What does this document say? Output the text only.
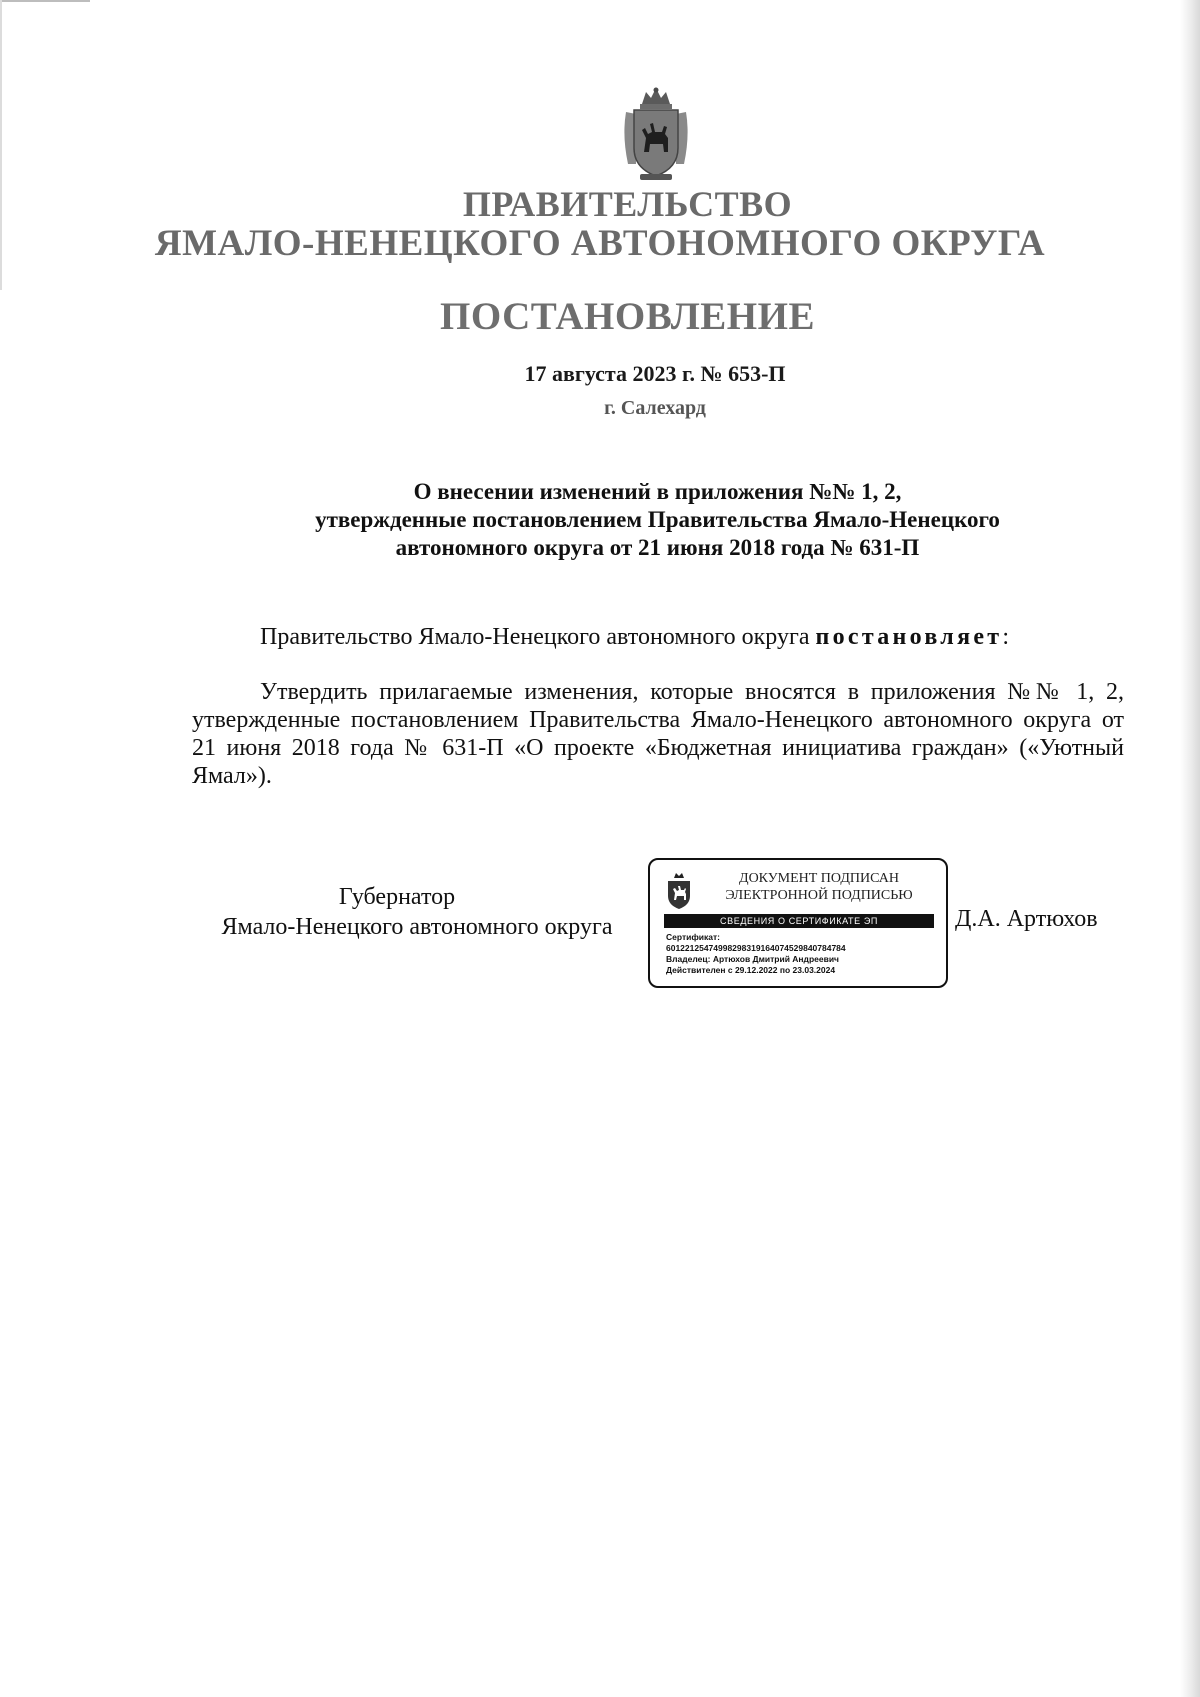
ПРАВИТЕЛЬСТВО
ЯМАЛО-НЕНЕЦКОГО АВТОНОМНОГО ОКРУГА
ПОСТАНОВЛЕНИЕ
17 августа 2023 г. № 653-П
г. Салехард
О внесении изменений в приложения №№ 1, 2,
утвержденные постановлением Правительства Ямало-Ненецкого
автономного округа от 21 июня 2018 года № 631-П
Правительство Ямало-Ненецкого автономного округа постановляет:
Утвердить прилагаемые изменения, которые вносятся в приложения №№ 1, 2, утвержденные постановлением Правительства Ямало-Ненецкого автономного округа от 21 июня 2018 года № 631-П «О проекте «Бюджетная инициатива граждан» («Уютный Ямал»).
Губернатор
Ямало-Ненецкого автономного округа
ДОКУМЕНТ ПОДПИСАН
ЭЛЕКТРОННОЙ ПОДПИСЬЮ
СВЕДЕНИЯ О СЕРТИФИКАТЕ ЭП
Сертификат:
60122125474998298319164074529840784784
Владелец: Артюхов Дмитрий Андреевич
Действителен с 29.12.2022 по 23.03.2024
Д.А. Артюхов
